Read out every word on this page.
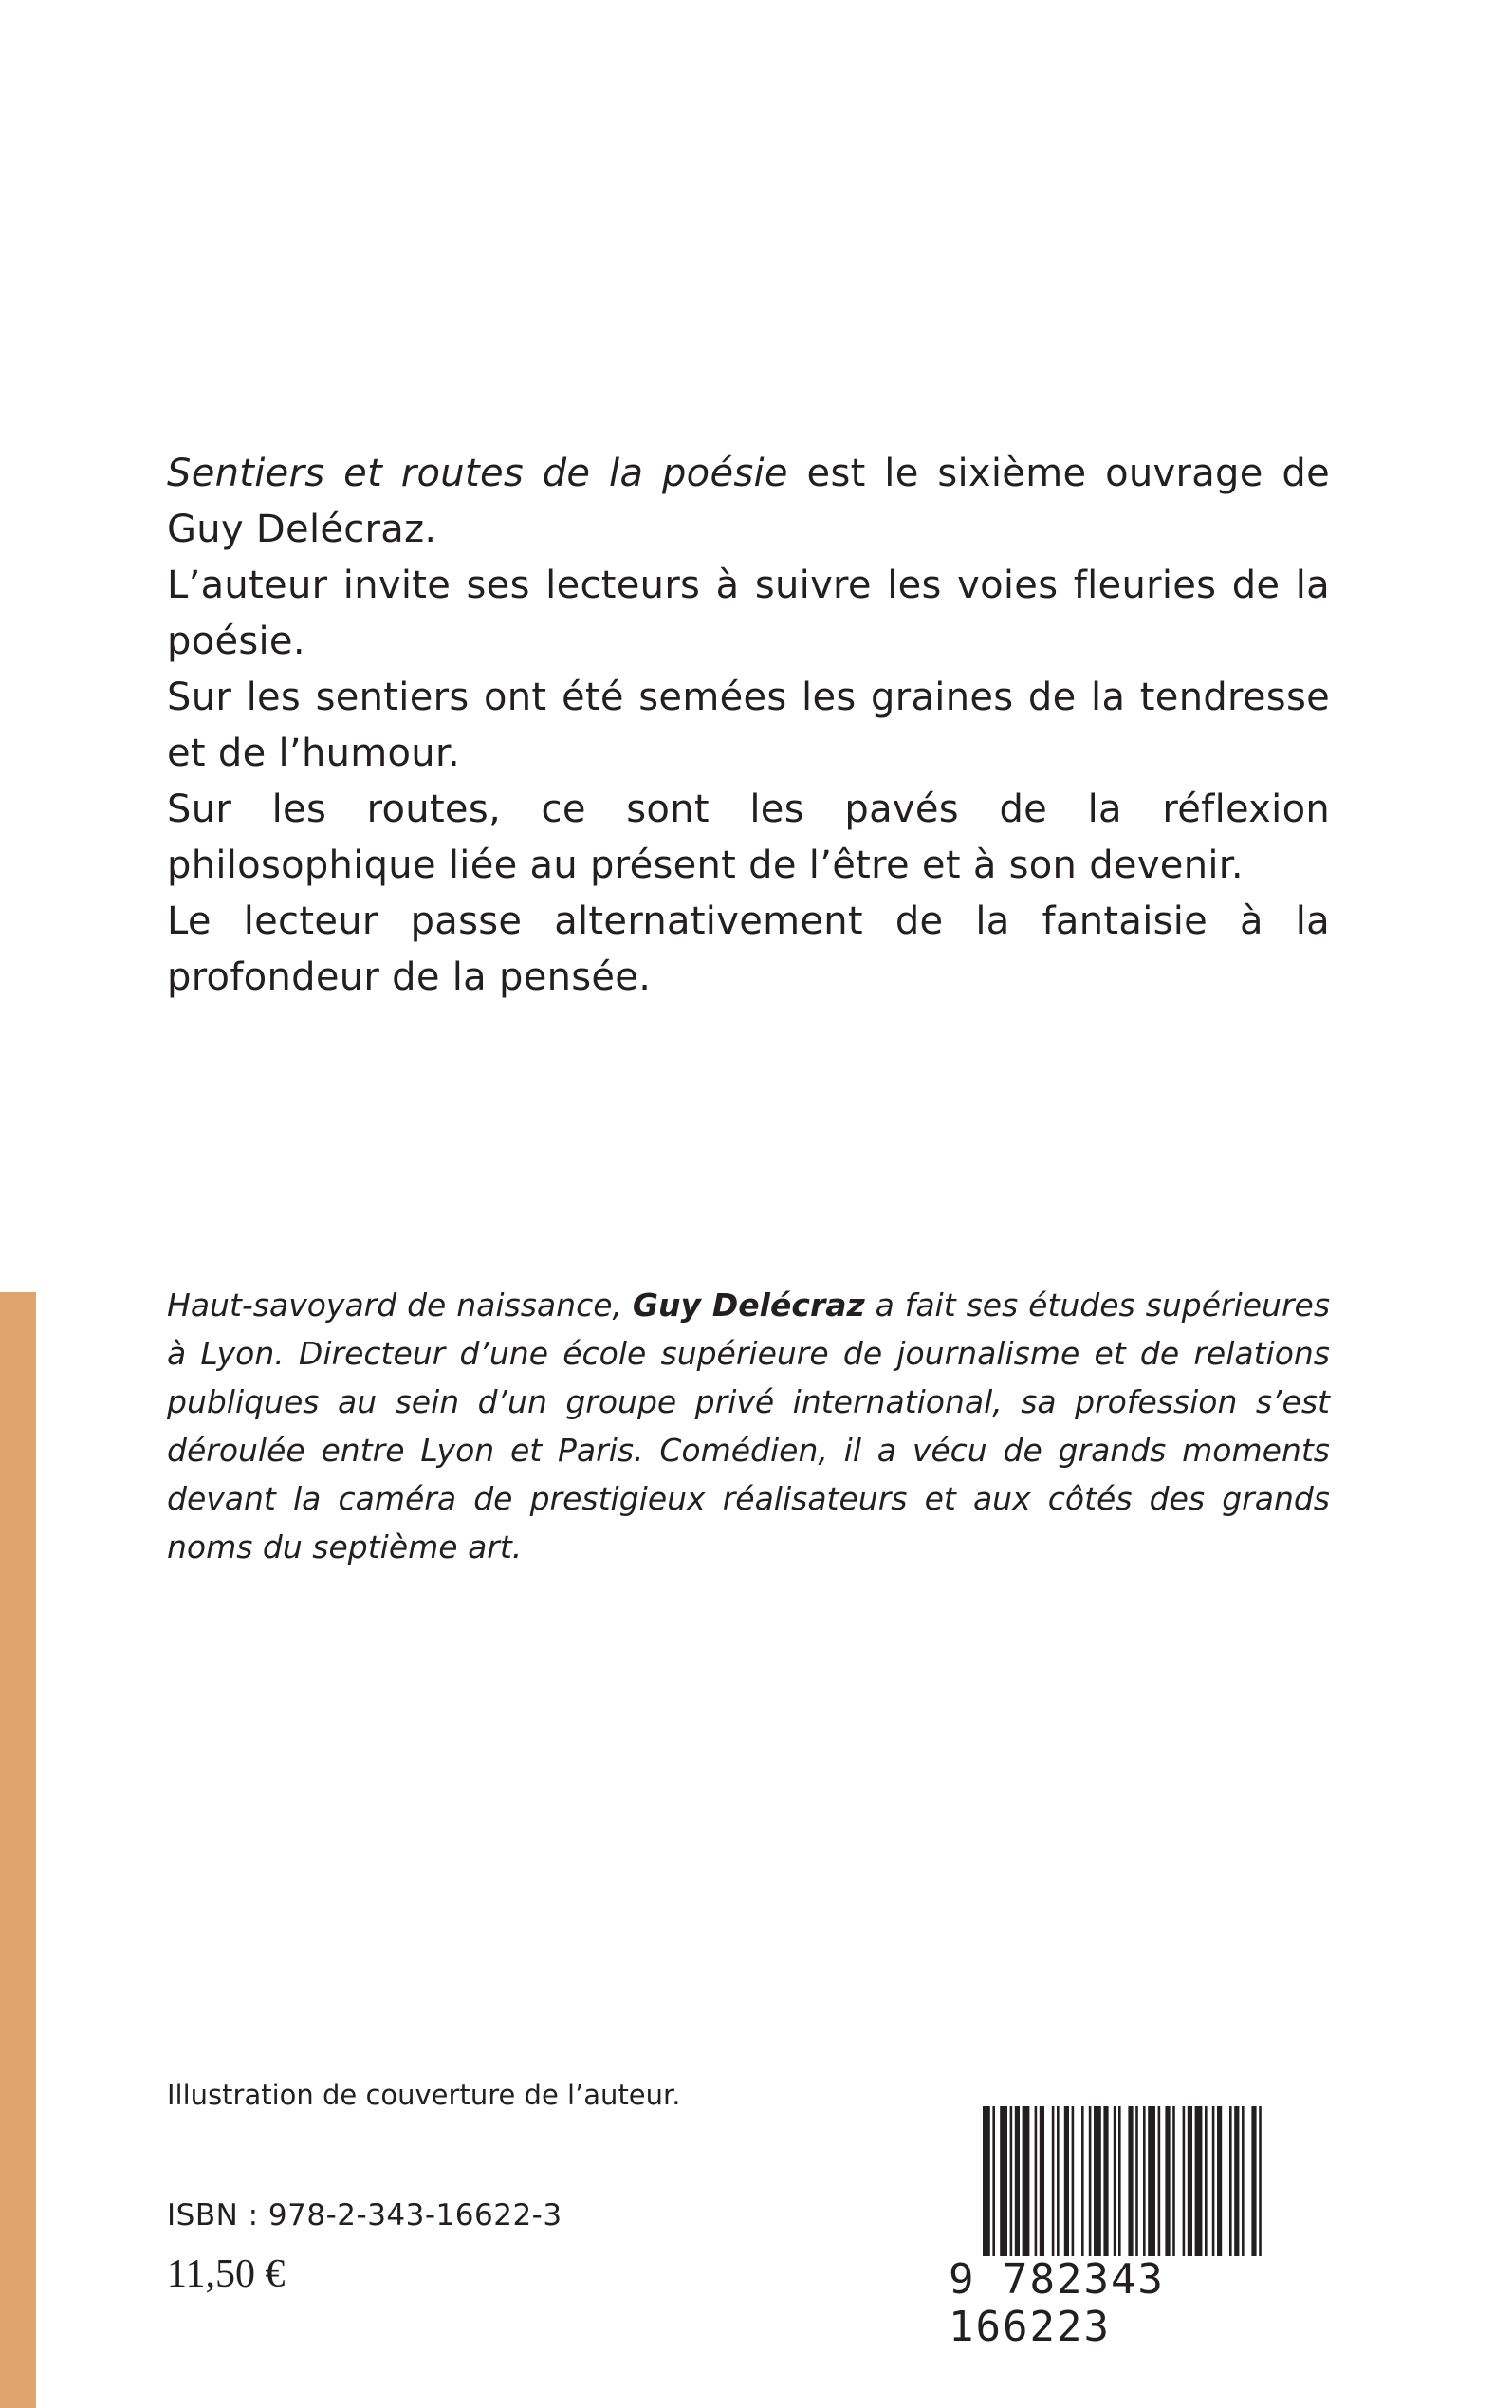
Sentiers et routes de la poésie est le sixième ouvrage de Guy Delécraz.

L’auteur invite ses lecteurs à suivre les voies fleuries de la poésie.

Sur les sentiers ont été semées les graines de la tendresse et de l’humour.

Sur les routes, ce sont les pavés de la réflexion philosophique liée au présent de l’être et à son devenir.

Le lecteur passe alternativement de la fantaisie à la profondeur de la pensée.

Haut-savoyard de naissance, Guy Delécraz a fait ses études supérieures à Lyon. Directeur d’une école supérieure de journalisme et de relations publiques au sein d’un groupe privé international, sa profession s’est déroulée entre Lyon et Paris. Comédien, il a vécu de grands moments devant la caméra de prestigieux réalisateurs et aux côtés des grands noms du septième art.

Illustration de couverture de l’auteur.
ISBN : 978-2-343-16622-3
11,50 €	9 782343 166223
